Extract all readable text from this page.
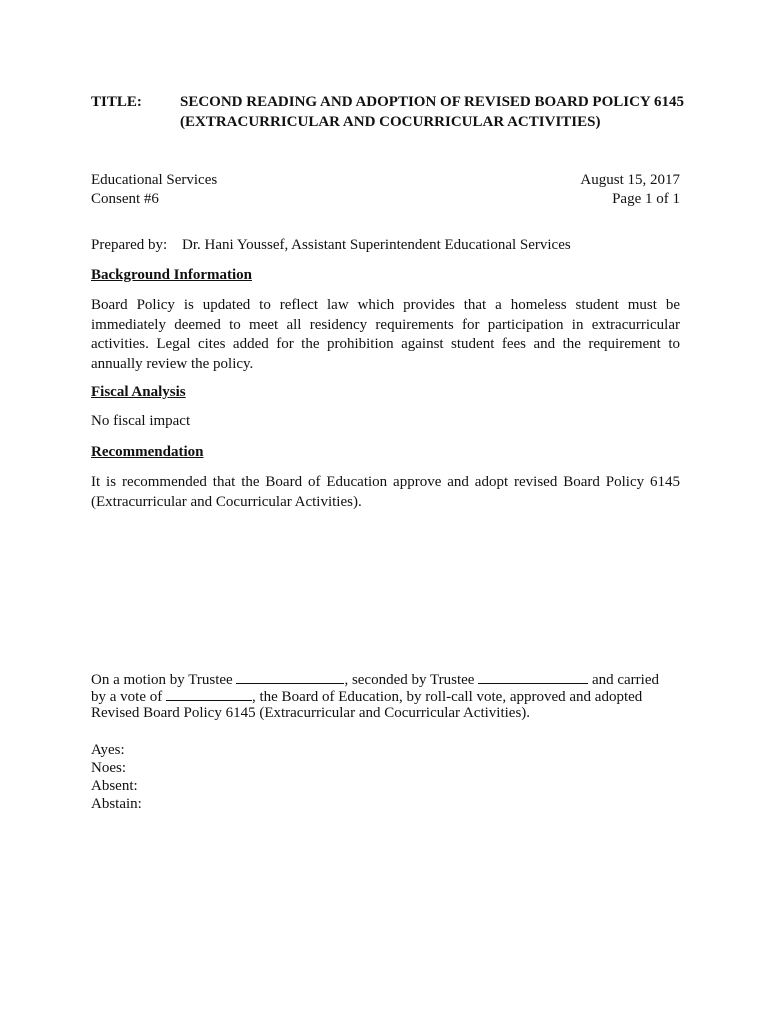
TITLE:	SECOND READING AND ADOPTION OF REVISED BOARD POLICY 6145
(EXTRACURRICULAR AND COCURRICULAR ACTIVITIES)
Educational Services
Consent #6
August 15, 2017
Page 1 of 1
Prepared by: Dr. Hani Youssef, Assistant Superintendent Educational Services
Background Information
Board Policy is updated to reflect law which provides that a homeless student must be immediately deemed to meet all residency requirements for participation in extracurricular activities. Legal cites added for the prohibition against student fees and the requirement to annually review the policy.
Fiscal Analysis
No fiscal impact
Recommendation
It is recommended that the Board of Education approve and adopt revised Board Policy 6145 (Extracurricular and Cocurricular Activities).
On a motion by Trustee	, seconded by Trustee	and carried
by a vote of	, the Board of Education, by roll-call vote, approved and adopted
Revised Board Policy 6145 (Extracurricular and Cocurricular Activities).
Ayes:
Noes:
Absent:
Abstain:
